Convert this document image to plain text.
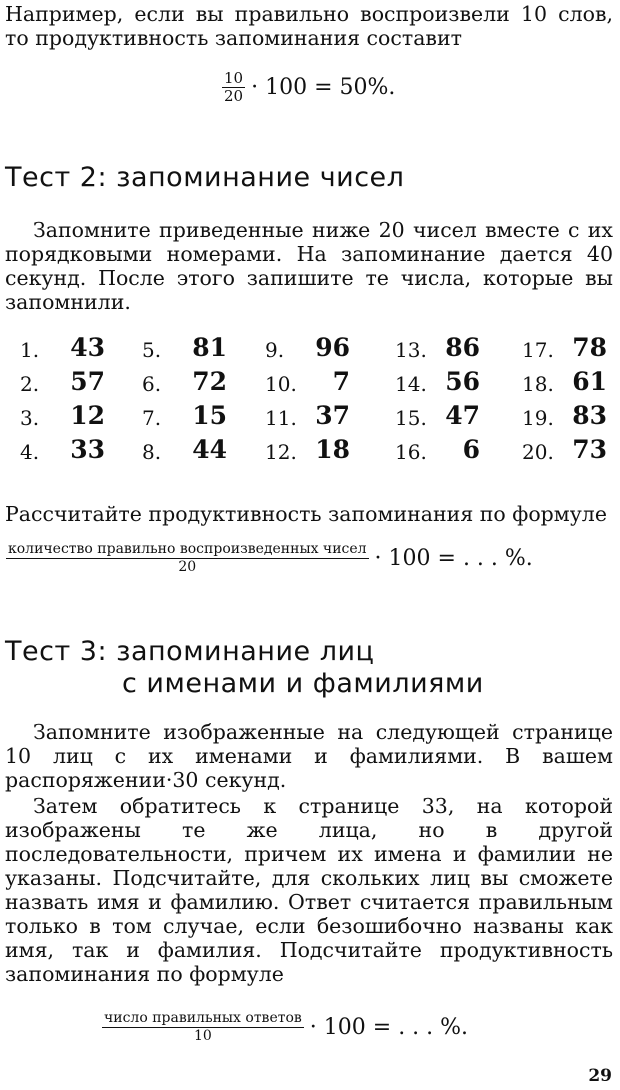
Например, если вы правильно воспроизвели 10 слов, то продуктивность запоминания составит

$\frac{10}{20} \cdot 100 = 50\%$.
Тест 2: запоминание чисел

Запомните приведенные ниже 20 чисел вместе с их порядковыми номерами. На запоминание дается 40 секунд. После этого запишите те числа, которые вы запомнили.

1. 43 5. 81 9. 96 13. 86 17. 78
2. 57 6. 72 10. 7 14. 56 18. 61
3. 12 7. 15 11. 37 15. 47 19. 83
4. 33 8. 44 12. 18 16. 6 20. 73

Рассчитайте продуктивность запоминания по формуле

$\frac{\text{количество правильно воспроизведенных чисел}}{20} \cdot 100$ = . . . %.
Тест 3: запоминание лиц
с именами и фамилиями

Запомните изображенные на следующей странице 10 лиц с их именами и фамилиями. В вашем распоряжении·30 секунд.

Затем обратитесь к странице 33, на которой изображены те же лица, но в другой последовательности, причем их имена и фамилии не указаны. Подсчитайте, для скольких лиц вы сможете назвать имя и фамилию. Ответ считается правильным только в том случае, если безошибочно названы как имя, так и фамилия. Подсчитайте продуктивность запоминания по формуле

$\frac{\text{число правильных ответов}}{10} \cdot 100$ = . . . %.
29
